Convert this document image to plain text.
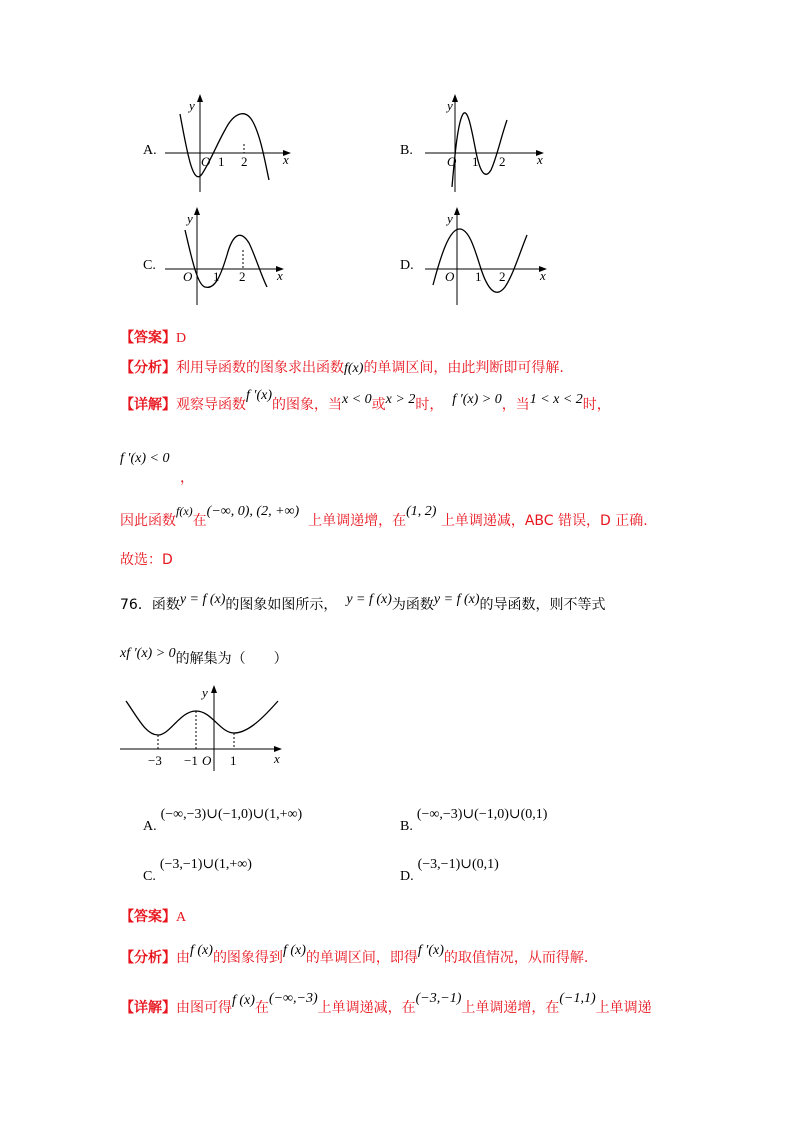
A.
y
x
O 1 2
B.
y
x
O 1 2
C.
y
x
O 1 2
D.
y
x
O 1 2
【答案】D
【分析】利用导函数的图象求出函数f(x)的单调区间，由此判断即可得解.
【详解】观察导函数f ′(x)的图象，当x < 0或x > 2时， f ′(x) > 0，当1 < x < 2时，
f ′(x) < 0
，
因此函数f(x)在(−∞, 0), (2, +∞)  上单调递增，在(1, 2) 上单调递减，ABC 错误，D 正确.
故选：D
76．函数y = f (x)的图象如图所示， y = f (x)为函数y = f (x)的导函数，则不等式
xf ′(x) > 0的解集为（　　）
y
x
−3 −1 O 1
A.(−∞,−3)∪(−1,0)∪(1,+∞)
B.(−∞,−3)∪(−1,0)∪(0,1)
C.(−3,−1)∪(1,+∞)
D.(−3,−1)∪(0,1)
【答案】A
【分析】由f (x)的图象得到f (x)的单调区间，即得f ′(x)的取值情况，从而得解.
【详解】由图可得f (x)在(−∞,−3)上单调递减，在(−3,−1)上单调递增，在(−1,1)上单调递
